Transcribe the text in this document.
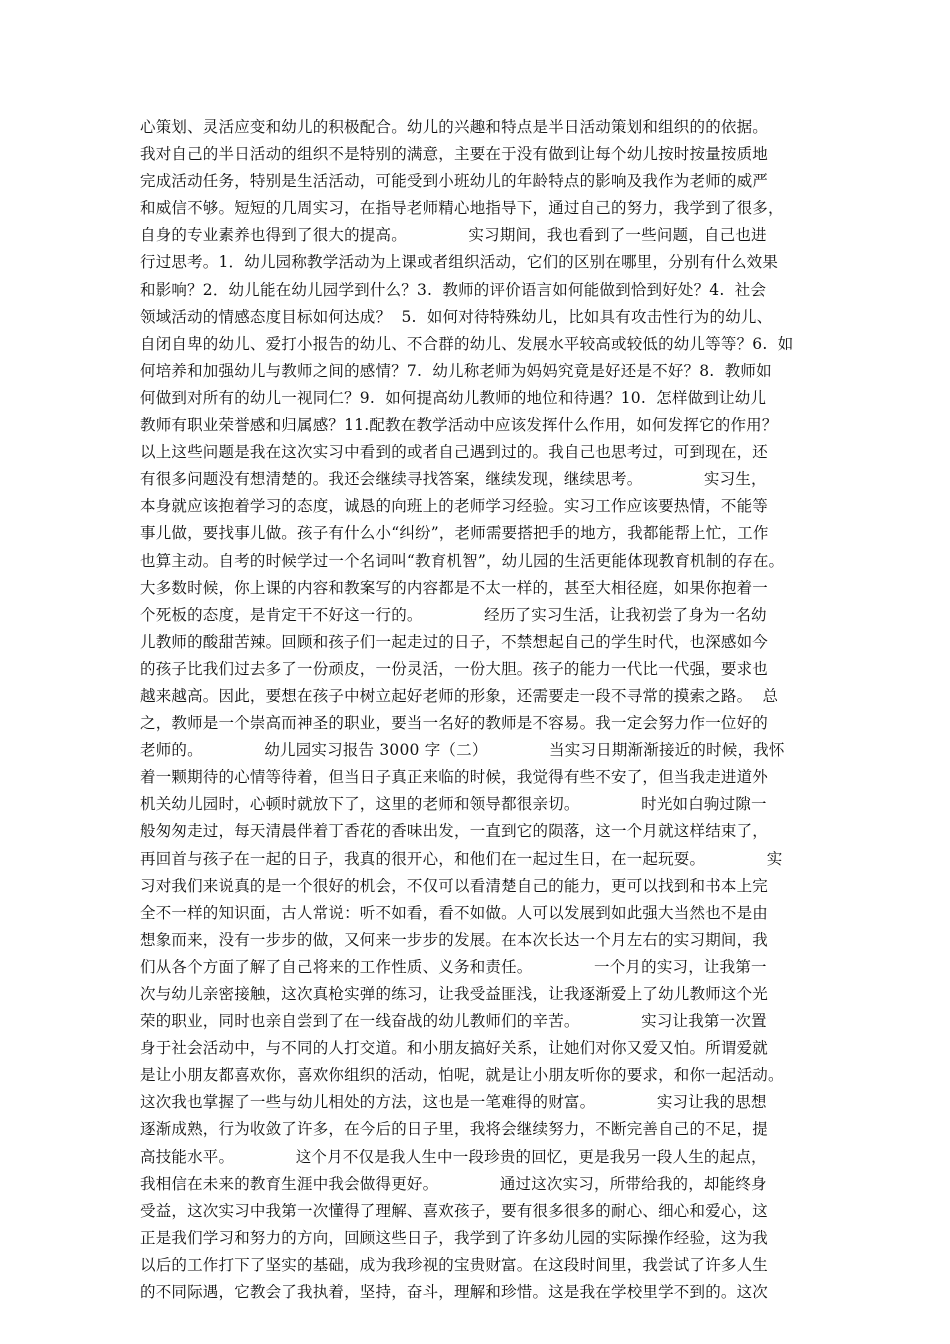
心策划、灵活应变和幼儿的积极配合。幼儿的兴趣和特点是半日活动策划和组织的的依据。
我对自己的半日活动的组织不是特别的满意，主要在于没有做到让每个幼儿按时按量按质地
完成活动任务，特别是生活活动，可能受到小班幼儿的年龄特点的影响及我作为老师的威严
和威信不够。短短的几周实习，在指导老师精心地指导下，通过自己的努力，我学到了很多，
自身的专业素养也得到了很大的提高。            实习期间，我也看到了一些问题，自己也进
行过思考。1．幼儿园称教学活动为上课或者组织活动，它们的区别在哪里，分别有什么效果
和影响？2．幼儿能在幼儿园学到什么？3.  教师的评价语言如何能做到恰到好处？4.  社会
领域活动的情感态度目标如何达成？  5.  如何对待特殊幼儿，比如具有攻击性行为的幼儿、
自闭自卑的幼儿、爱打小报告的幼儿、不合群的幼儿、发展水平较高或较低的幼儿等等？6.  如
何培养和加强幼儿与教师之间的感情？7.  幼儿称老师为妈妈究竟是好还是不好？8.  教师如
何做到对所有的幼儿一视同仁？9.  如何提高幼儿教师的地位和待遇？10.  怎样做到让幼儿
教师有职业荣誉感和归属感？11.配教在教学活动中应该发挥什么作用，如何发挥它的作用？
以上这些问题是我在这次实习中看到的或者自己遇到过的。我自己也思考过，可到现在，还
有很多问题没有想清楚的。我还会继续寻找答案，继续发现，继续思考。            实习生，
本身就应该抱着学习的态度，诚恳的向班上的老师学习经验。实习工作应该要热情，不能等
事儿做，要找事儿做。孩子有什么小“纠纷”，老师需要搭把手的地方，我都能帮上忙，工作
也算主动。自考的时候学过一个名词叫“教育机智”，幼儿园的生活更能体现教育机制的存在。
大多数时候，你上课的内容和教案写的内容都是不太一样的，甚至大相径庭，如果你抱着一
个死板的态度，是肯定干不好这一行的。            经历了实习生活，让我初尝了身为一名幼
儿教师的酸甜苦辣。回顾和孩子们一起走过的日子，不禁想起自己的学生时代，也深感如今
的孩子比我们过去多了一份顽皮，一份灵活，一份大胆。孩子的能力一代比一代强，要求也
越来越高。因此，要想在孩子中树立起好老师的形象，还需要走一段不寻常的摸索之路。  总
之，教师是一个崇高而神圣的职业，要当一名好的教师是不容易。我一定会努力作一位好的
老师的。            幼儿园实习报告 3000 字（二）            当实习日期渐渐接近的时候，我怀
着一颗期待的心情等待着，但当日子真正来临的时候，我觉得有些不安了，但当我走进道外
机关幼儿园时，心顿时就放下了，这里的老师和领导都很亲切。            时光如白驹过隙一
般匆匆走过，每天清晨伴着丁香花的香味出发，一直到它的陨落，这一个月就这样结束了，
再回首与孩子在一起的日子，我真的很开心，和他们在一起过生日，在一起玩耍。            实
习对我们来说真的是一个很好的机会，不仅可以看清楚自己的能力，更可以找到和书本上完
全不一样的知识面，古人常说：听不如看，看不如做。人可以发展到如此强大当然也不是由
想象而来，没有一步步的做，又何来一步步的发展。在本次长达一个月左右的实习期间，我
们从各个方面了解了自己将来的工作性质、义务和责任。            一个月的实习，让我第一
次与幼儿亲密接触，这次真枪实弹的练习，让我受益匪浅，让我逐渐爱上了幼儿教师这个光
荣的职业，同时也亲自尝到了在一线奋战的幼儿教师们的辛苦。            实习让我第一次置
身于社会活动中，与不同的人打交道。和小朋友搞好关系，让她们对你又爱又怕。所谓爱就
是让小朋友都喜欢你，喜欢你组织的活动，怕呢，就是让小朋友听你的要求，和你一起活动。
这次我也掌握了一些与幼儿相处的方法，这也是一笔难得的财富。            实习让我的思想
逐渐成熟，行为收敛了许多，在今后的日子里，我将会继续努力，不断完善自己的不足，提
高技能水平。            这个月不仅是我人生中一段珍贵的回忆，更是我另一段人生的起点，
我相信在未来的教育生涯中我会做得更好。            通过这次实习，所带给我的，却能终身
受益，这次实习中我第一次懂得了理解、喜欢孩子，要有很多很多的耐心、细心和爱心，这
正是我们学习和努力的方向，回顾这些日子，我学到了许多幼儿园的实际操作经验，这为我
以后的工作打下了坚实的基础，成为我珍视的宝贵财富。在这段时间里，我尝试了许多人生
的不同际遇，它教会了我执着，坚持，奋斗，理解和珍惜。这是我在学校里学不到的。这次
